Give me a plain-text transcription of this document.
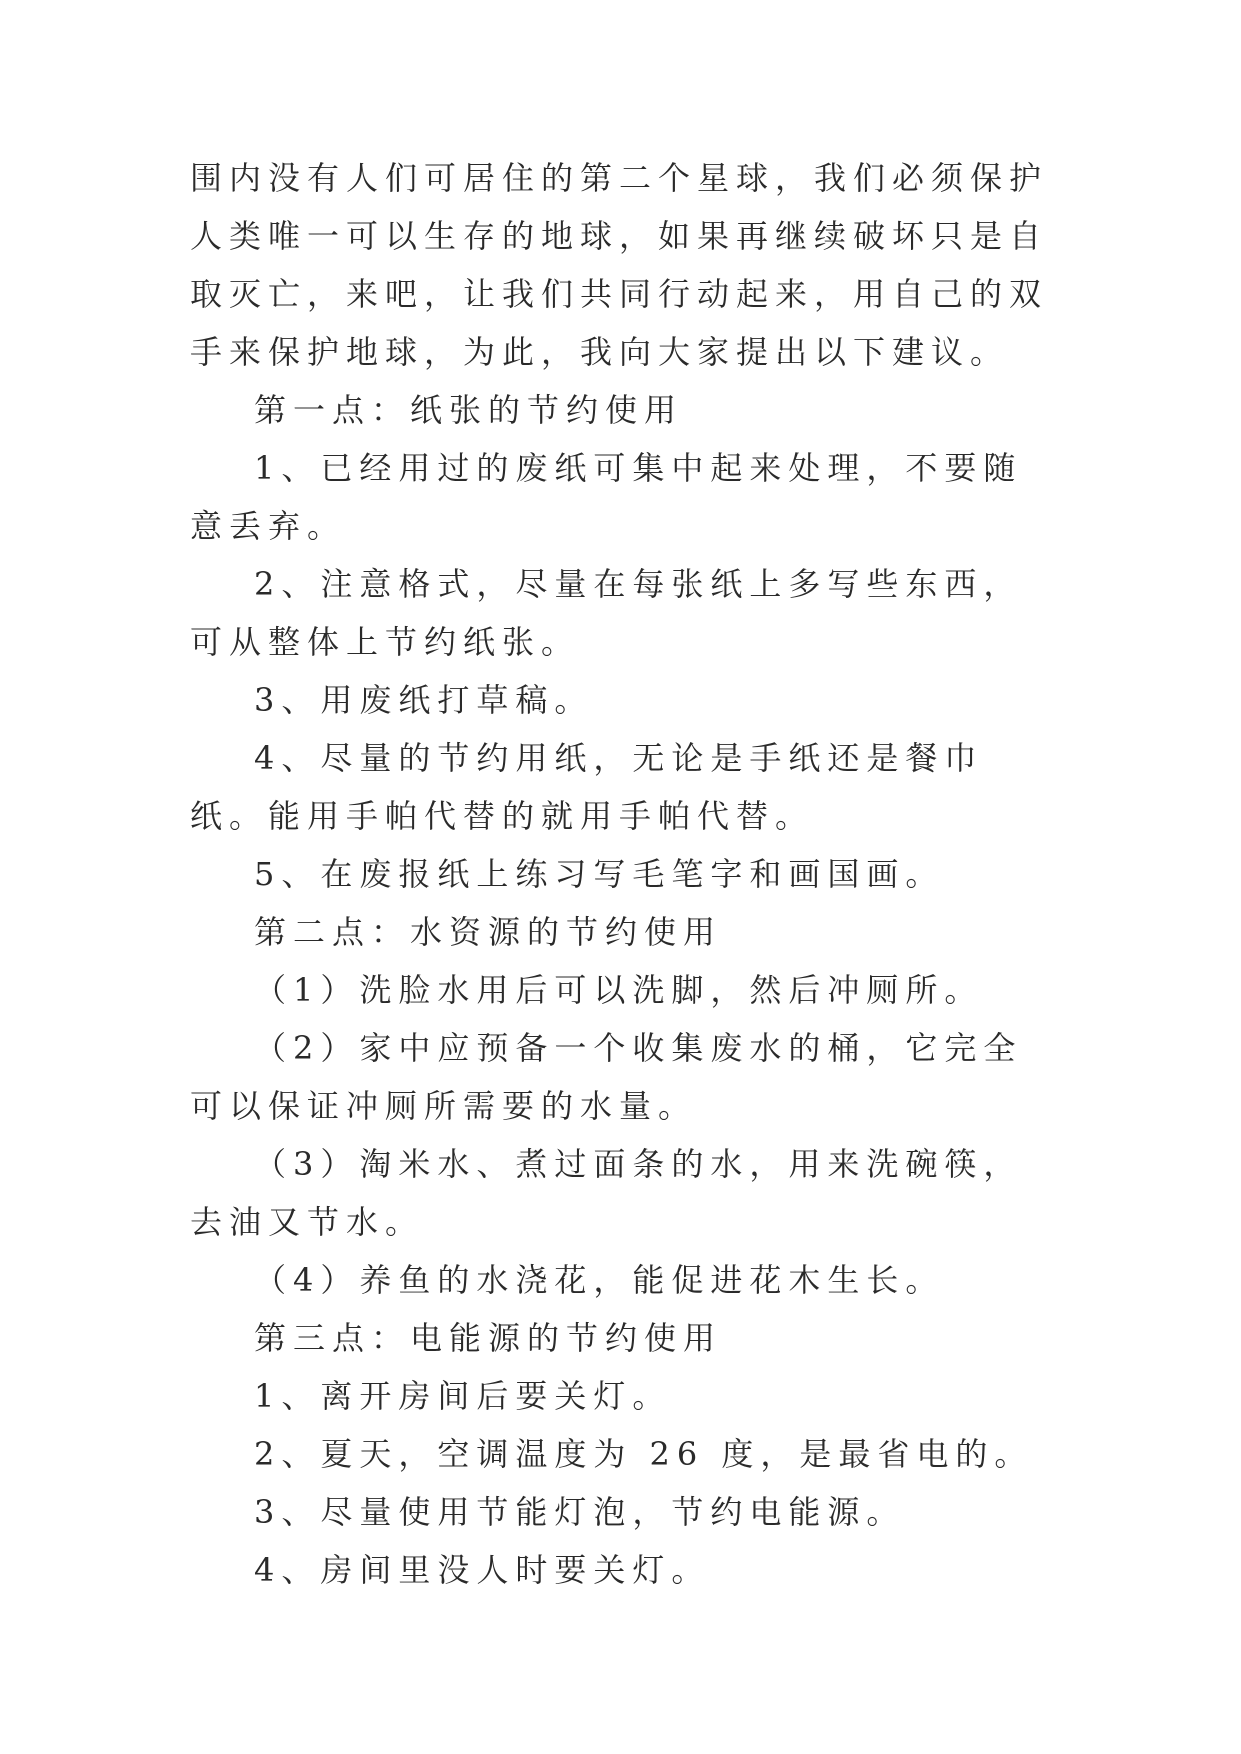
围内没有人们可居住的第二个星球，我们必须保护人类唯一可以生存的地球，如果再继续破坏只是自取灭亡，来吧，让我们共同行动起来，用自己的双手来保护地球，为此，我向大家提出以下建议。

第一点：纸张的节约使用

1、已经用过的废纸可集中起来处理，不要随意丢弃。

2、注意格式，尽量在每张纸上多写些东西，可从整体上节约纸张。

3、用废纸打草稿。

4、尽量的节约用纸，无论是手纸还是餐巾纸。能用手帕代替的就用手帕代替。

5、在废报纸上练习写毛笔字和画国画。

第二点：水资源的节约使用

（1）洗脸水用后可以洗脚，然后冲厕所。

（2）家中应预备一个收集废水的桶，它完全可以保证冲厕所需要的水量。

（3）淘米水、煮过面条的水，用来洗碗筷，去油又节水。

（4）养鱼的水浇花，能促进花木生长。

第三点：电能源的节约使用

1、离开房间后要关灯。

2、夏天，空调温度为 26 度，是最省电的。

3、尽量使用节能灯泡，节约电能源。

4、房间里没人时要关灯。
